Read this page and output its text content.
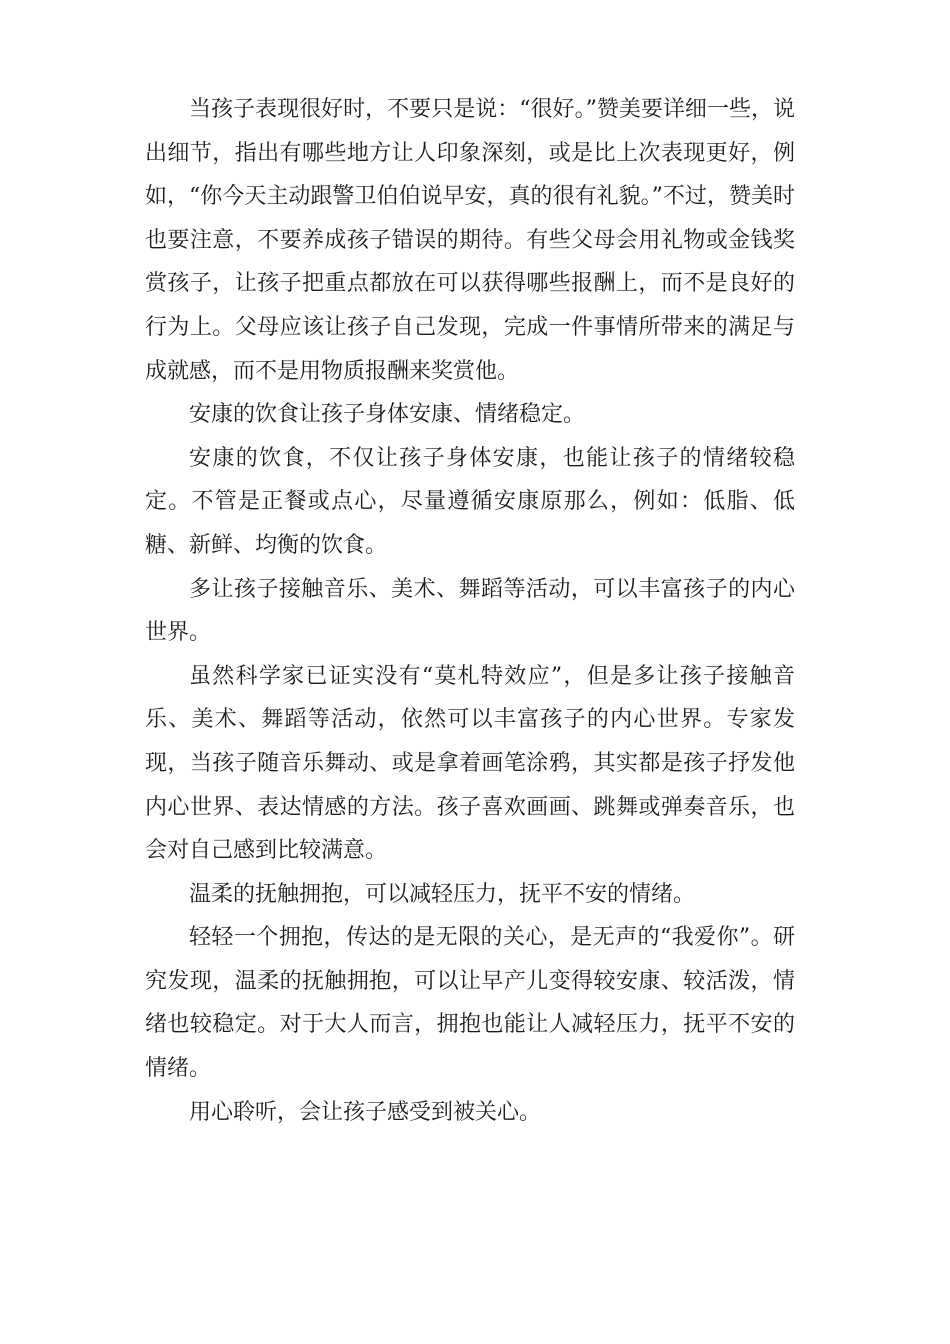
当孩子表现很好时，不要只是说：“很好。”赞美要详细一些，说出细节，指出有哪些地方让人印象深刻，或是比上次表现更好，例如，“你今天主动跟警卫伯伯说早安，真的很有礼貌。”不过，赞美时也要注意，不要养成孩子错误的期待。有些父母会用礼物或金钱奖赏孩子，让孩子把重点都放在可以获得哪些报酬上，而不是良好的行为上。父母应该让孩子自己发现，完成一件事情所带来的满足与成就感，而不是用物质报酬来奖赏他。

安康的饮食让孩子身体安康、情绪稳定。

安康的饮食，不仅让孩子身体安康，也能让孩子的情绪较稳定。不管是正餐或点心，尽量遵循安康原那么，例如：低脂、低糖、新鲜、均衡的饮食。

多让孩子接触音乐、美术、舞蹈等活动，可以丰富孩子的内心世界。

虽然科学家已证实没有“莫札特效应”，但是多让孩子接触音乐、美术、舞蹈等活动，依然可以丰富孩子的内心世界。专家发现，当孩子随音乐舞动、或是拿着画笔涂鸦，其实都是孩子抒发他内心世界、表达情感的方法。孩子喜欢画画、跳舞或弹奏音乐，也会对自己感到比较满意。

温柔的抚触拥抱，可以减轻压力，抚平不安的情绪。

轻轻一个拥抱，传达的是无限的关心，是无声的“我爱你”。研究发现，温柔的抚触拥抱，可以让早产儿变得较安康、较活泼，情绪也较稳定。对于大人而言，拥抱也能让人减轻压力，抚平不安的情绪。

用心聆听，会让孩子感受到被关心。
